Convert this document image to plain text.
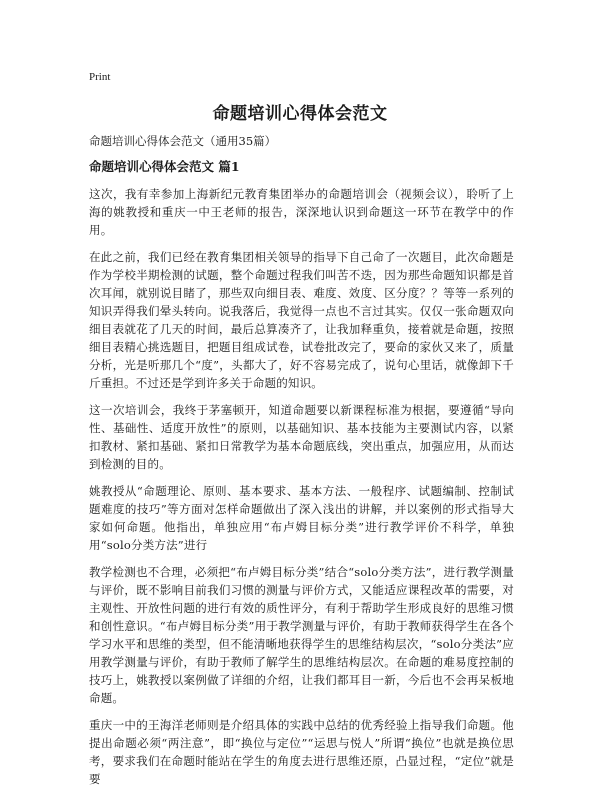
Print
命题培训心得体会范文

命题培训心得体会范文（通用35篇）

命题培训心得体会范文 篇1

这次，我有幸参加上海新纪元教育集团举办的命题培训会（视频会议），聆听了上海的姚教授和重庆一中王老师的报告，深深地认识到命题这一环节在教学中的作用。

在此之前，我们已经在教育集团相关领导的指导下自己命了一次题目，此次命题是作为学校半期检测的试题，整个命题过程我们叫苦不迭，因为那些命题知识都是首次耳闻，就别说目睹了，那些双向细目表、难度、效度、区分度？？等等一系列的知识弄得我们晕头转向。说我落后，我觉得一点也不言过其实。仅仅一张命题双向细目表就花了几天的时间，最后总算凑齐了，让我加释重负，接着就是命题，按照细目表精心挑选题目，把题目组成试卷，试卷批改完了，要命的家伙又来了，质量分析，光是听那几个“度”，头都大了，好不容易完成了，说句心里话，就像卸下千斤重担。不过还是学到许多关于命题的知识。

这一次培训会，我终于茅塞顿开，知道命题要以新课程标准为根据，要遵循“导向性、基础性、适度开放性”的原则，以基础知识、基本技能为主要测试内容，以紧扣教材、紧扣基础、紧扣日常教学为基本命题底线，突出重点，加强应用，从而达到检测的目的。

姚教授从“命题理论、原则、基本要求、基本方法、一般程序、试题编制、控制试题难度的技巧”等方面对怎样命题做出了深入浅出的讲解，并以案例的形式指导大家如何命题。他指出，单独应用“布卢姆目标分类”进行教学评价不科学，单独用“solo分类方法”进行

教学检测也不合理，必须把“布卢姆目标分类”结合“solo分类方法”，进行教学测量与评价，既不影响目前我们习惯的测量与评价方式，又能适应课程改革的需要，对主观性、开放性问题的进行有效的质性评分，有利于帮助学生形成良好的思维习惯和创性意识。“布卢姆目标分类”用于教学测量与评价，有助于教师获得学生在各个学习水平和思维的类型，但不能清晰地获得学生的思维结构层次，“solo分类法”应用教学测量与评价，有助于教师了解学生的思维结构层次。在命题的难易度控制的技巧上，姚教授以案例做了详细的介绍，让我们都耳目一新，今后也不会再呆板地命题。

重庆一中的王海洋老师则是介绍具体的实践中总结的优秀经验上指导我们命题。他提出命题必须“两注意”，即“换位与定位”“运思与悦人”所谓“换位”也就是换位思考，要求我们在命题时能站在学生的角度去进行思维还原，凸显过程，“定位”就是要
